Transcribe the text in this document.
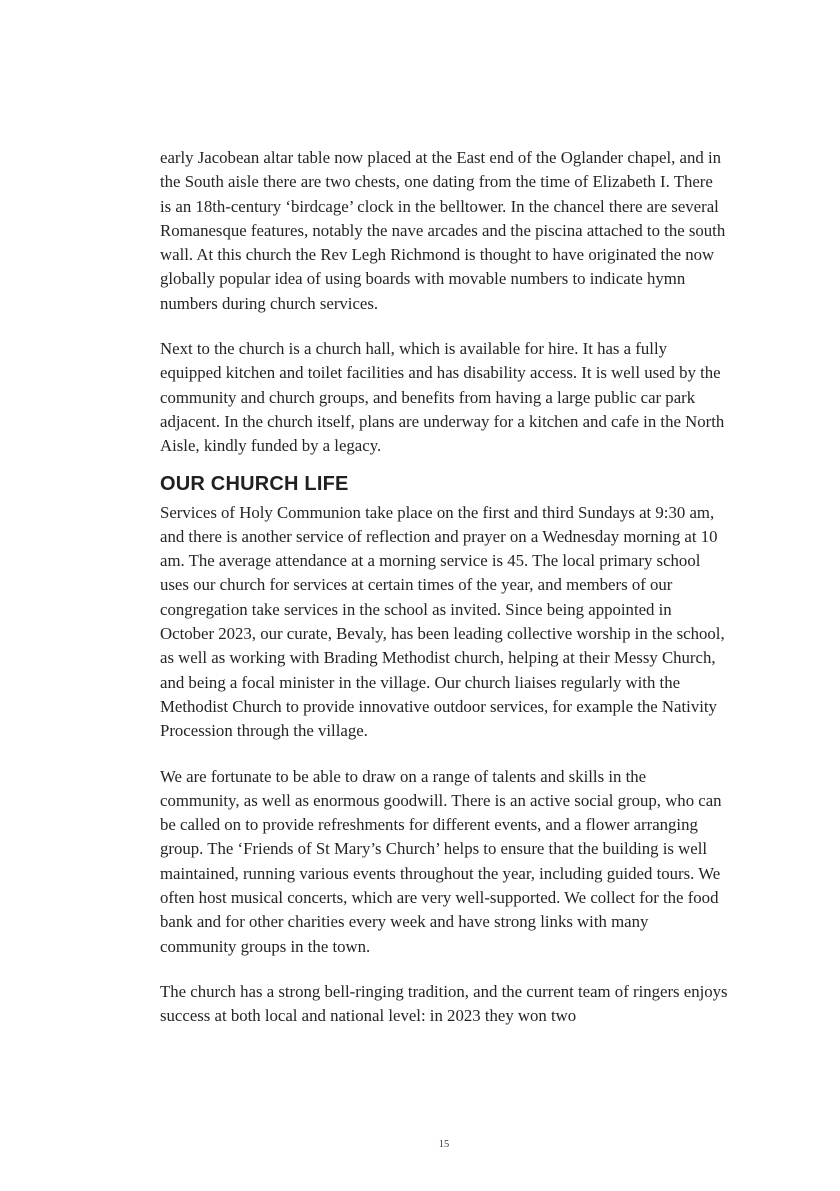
early Jacobean altar table now placed at the East end of the Oglander chapel, and in the South aisle there are two chests, one dating from the time of Elizabeth I. There is an 18th-century ‘birdcage’ clock in the belltower. In the chancel there are several Romanesque features, notably the nave arcades and the piscina attached to the south wall. At this church the Rev Legh Richmond is thought to have originated the now globally popular idea of using boards with movable numbers to indicate hymn numbers during church services.

Next to the church is a church hall, which is available for hire. It has a fully equipped kitchen and toilet facilities and has disability access. It is well used by the community and church groups, and benefits from having a large public car park adjacent. In the church itself, plans are underway for a kitchen and cafe in the North Aisle, kindly funded by a legacy.

OUR CHURCH LIFE

Services of Holy Communion take place on the first and third Sundays at 9:30 am, and there is another service of reflection and prayer on a Wednesday morning at 10 am. The average attendance at a morning service is 45. The local primary school uses our church for services at certain times of the year, and members of our congregation take services in the school as invited. Since being appointed in October 2023, our curate, Bevaly, has been leading collective worship in the school, as well as working with Brading Methodist church, helping at their Messy Church, and being a focal minister in the village. Our church liaises regularly with the Methodist Church to provide innovative outdoor services, for example the Nativity Procession through the village.

We are fortunate to be able to draw on a range of talents and skills in the community, as well as enormous goodwill. There is an active social group, who can be called on to provide refreshments for different events, and a flower arranging group. The ‘Friends of St Mary’s Church’ helps to ensure that the building is well maintained, running various events throughout the year, including guided tours. We often host musical concerts, which are very well-supported. We collect for the food bank and for other charities every week and have strong links with many community groups in the town.

The church has a strong bell-ringing tradition, and the current team of ringers enjoys success at both local and national level: in 2023 they won two

15
